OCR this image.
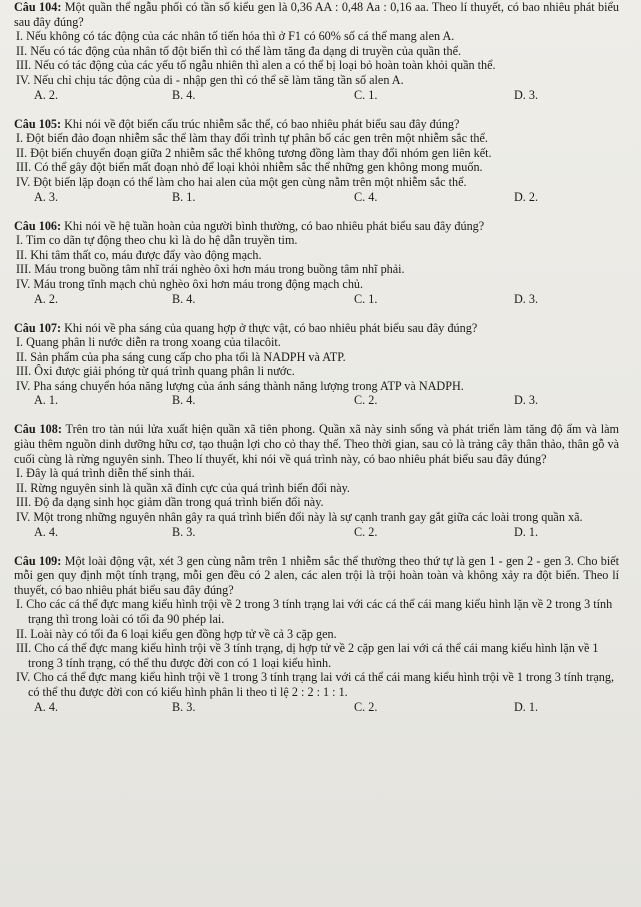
Câu 104: Một quần thể ngẫu phối có tần số kiểu gen là 0,36 AA : 0,48 Aa : 0,16 aa. Theo lí thuyết, có bao nhiêu phát biểu sau đây đúng?

I. Nếu không có tác động của các nhân tố tiến hóa thì ở F1 có 60% số cá thể mang alen A.

II. Nếu có tác động của nhân tố đột biến thì có thể làm tăng đa dạng di truyền của quần thể.

III. Nếu có tác động của các yếu tố ngẫu nhiên thì alen a có thể bị loại bỏ hoàn toàn khỏi quần thể.

IV. Nếu chỉ chịu tác động của di - nhập gen thì có thể sẽ làm tăng tần số alen A.

A. 2.	B. 4.	C. 1.	D. 3.

Câu 105: Khi nói về đột biến cấu trúc nhiễm sắc thể, có bao nhiêu phát biểu sau đây đúng?

I. Đột biến đảo đoạn nhiễm sắc thể làm thay đổi trình tự phân bố các gen trên một nhiễm sắc thể.

II. Đột biến chuyển đoạn giữa 2 nhiễm sắc thể không tương đồng làm thay đổi nhóm gen liên kết.

III. Có thể gây đột biến mất đoạn nhỏ để loại khỏi nhiễm sắc thể những gen không mong muốn.

IV. Đột biến lặp đoạn có thể làm cho hai alen của một gen cùng nằm trên một nhiễm sắc thể.

A. 3.	B. 1.	C. 4.	D. 2.

Câu 106: Khi nói về hệ tuần hoàn của người bình thường, có bao nhiêu phát biểu sau đây đúng?

I. Tim co dãn tự động theo chu kì là do hệ dẫn truyền tim.

II. Khi tâm thất co, máu được đẩy vào động mạch.

III. Máu trong buồng tâm nhĩ trái nghèo ôxi hơn máu trong buồng tâm nhĩ phải.

IV. Máu trong tĩnh mạch chủ nghèo ôxi hơn máu trong động mạch chủ.

A. 2.	B. 4.	C. 1.	D. 3.

Câu 107: Khi nói về pha sáng của quang hợp ở thực vật, có bao nhiêu phát biểu sau đây đúng?

I. Quang phân li nước diễn ra trong xoang của tilacôit.

II. Sản phẩm của pha sáng cung cấp cho pha tối là NADPH và ATP.

III. Ôxi được giải phóng từ quá trình quang phân li nước.

IV. Pha sáng chuyển hóa năng lượng của ánh sáng thành năng lượng trong ATP và NADPH.

A. 1.	B. 4.	C. 2.	D. 3.

Câu 108: Trên tro tàn núi lửa xuất hiện quần xã tiên phong. Quần xã này sinh sống và phát triển làm tăng độ ẩm và làm giàu thêm nguồn dinh dưỡng hữu cơ, tạo thuận lợi cho cỏ thay thế. Theo thời gian, sau cỏ là trảng cây thân thảo, thân gỗ và cuối cùng là rừng nguyên sinh. Theo lí thuyết, khi nói về quá trình này, có bao nhiêu phát biểu sau đây đúng?

I. Đây là quá trình diễn thế sinh thái.

II. Rừng nguyên sinh là quần xã đỉnh cực của quá trình biến đổi này.

III. Độ đa dạng sinh học giảm dần trong quá trình biến đổi này.

IV. Một trong những nguyên nhân gây ra quá trình biến đổi này là sự cạnh tranh gay gắt giữa các loài trong quần xã.

A. 4.	B. 3.	C. 2.	D. 1.

Câu 109: Một loài động vật, xét 3 gen cùng nằm trên 1 nhiễm sắc thể thường theo thứ tự là gen 1 - gen 2 - gen 3. Cho biết mỗi gen quy định một tính trạng, mỗi gen đều có 2 alen, các alen trội là trội hoàn toàn và không xảy ra đột biến. Theo lí thuyết, có bao nhiêu phát biểu sau đây đúng?

I. Cho các cá thể đực mang kiểu hình trội về 2 trong 3 tính trạng lai với các cá thể cái mang kiểu hình lặn về 2 trong 3 tính trạng thì trong loài có tối đa 90 phép lai.

II. Loài này có tối đa 6 loại kiểu gen đồng hợp tử về cả 3 cặp gen.

III. Cho cá thể đực mang kiểu hình trội về 3 tính trạng, dị hợp tử về 2 cặp gen lai với cá thể cái mang kiểu hình lặn về 1 trong 3 tính trạng, có thể thu được đời con có 1 loại kiểu hình.

IV. Cho cá thể đực mang kiểu hình trội về 1 trong 3 tính trạng lai với cá thể cái mang kiểu hình trội về 1 trong 3 tính trạng, có thể thu được đời con có kiểu hình phân li theo tỉ lệ 2 : 2 : 1 : 1.

A. 4.	B. 3.	C. 2.	D. 1.
